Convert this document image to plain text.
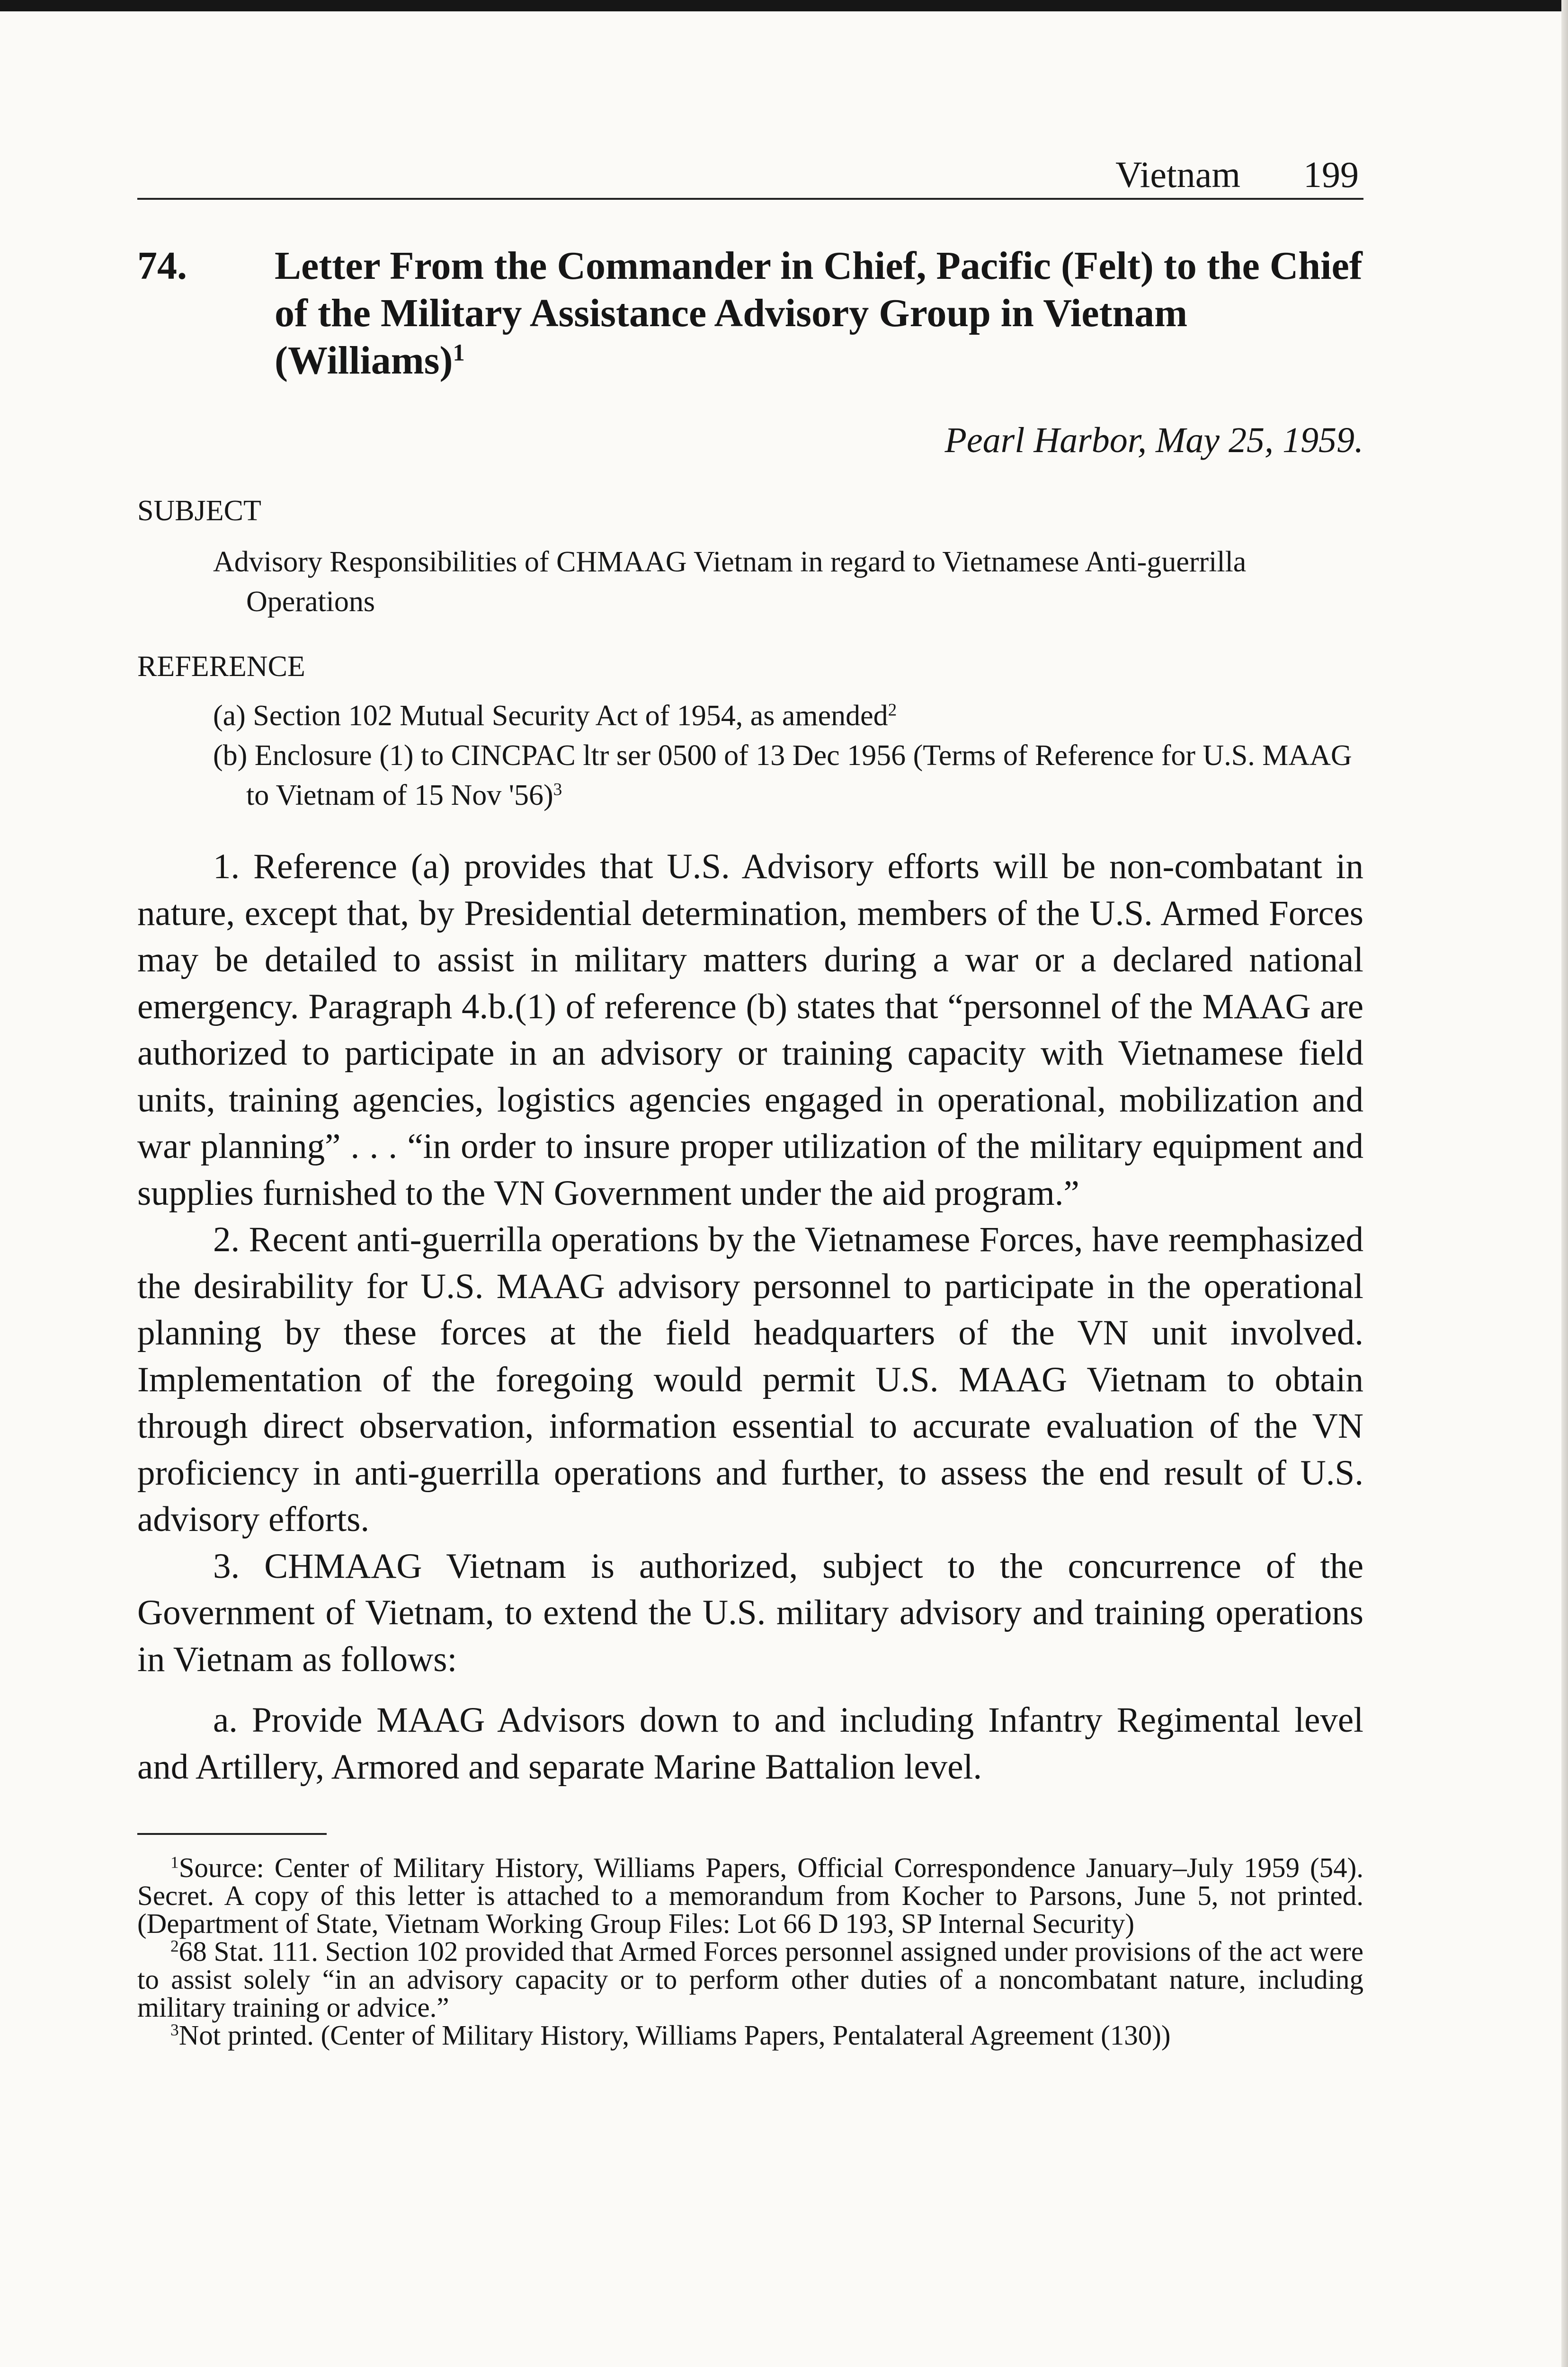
Vietnam 199
74. Letter From the Commander in Chief, Pacific (Felt) to the Chief of the Military Assistance Advisory Group in Vietnam (Williams)$^1$
Pearl Harbor, May 25, 1959.
SUBJECT
Advisory Responsibilities of CHMAAG Vietnam in regard to Vietnamese Anti-guerrilla Operations
REFERENCE
(a) Section 102 Mutual Security Act of 1954, as amended$^2$
(b) Enclosure (1) to CINCPAC ltr ser 0500 of 13 Dec 1956 (Terms of Reference for U.S. MAAG to Vietnam of 15 Nov '56)$^3$

1. Reference (a) provides that U.S. Advisory efforts will be non-combatant in nature, except that, by Presidential determination, members of the U.S. Armed Forces may be detailed to assist in military matters during a war or a declared national emergency. Paragraph 4.b.(1) of reference (b) states that “personnel of the MAAG are authorized to participate in an advisory or training capacity with Vietnamese field units, training agencies, logistics agencies engaged in operational, mobilization and war planning” . . . “in order to insure proper utilization of the military equipment and supplies furnished to the VN Government under the aid program.”

2. Recent anti-guerrilla operations by the Vietnamese Forces, have reemphasized the desirability for U.S. MAAG advisory personnel to participate in the operational planning by these forces at the field headquarters of the VN unit involved. Implementation of the foregoing would permit U.S. MAAG Vietnam to obtain through direct observation, information essential to accurate evaluation of the VN proficiency in anti-guerrilla operations and further, to assess the end result of U.S. advisory efforts.

3. CHMAAG Vietnam is authorized, subject to the concurrence of the Government of Vietnam, to extend the U.S. military advisory and training operations in Vietnam as follows:

a. Provide MAAG Advisors down to and including Infantry Regimental level and Artillery, Armored and separate Marine Battalion level.

$^1$Source: Center of Military History, Williams Papers, Official Correspondence January–July 1959 (54). Secret. A copy of this letter is attached to a memorandum from Kocher to Parsons, June 5, not printed. (Department of State, Vietnam Working Group Files: Lot 66 D 193, SP Internal Security)

$^2$68 Stat. 111. Section 102 provided that Armed Forces personnel assigned under provisions of the act were to assist solely “in an advisory capacity or to perform other duties of a noncombatant nature, including military training or advice.”

$^3$Not printed. (Center of Military History, Williams Papers, Pentalateral Agreement (130))
